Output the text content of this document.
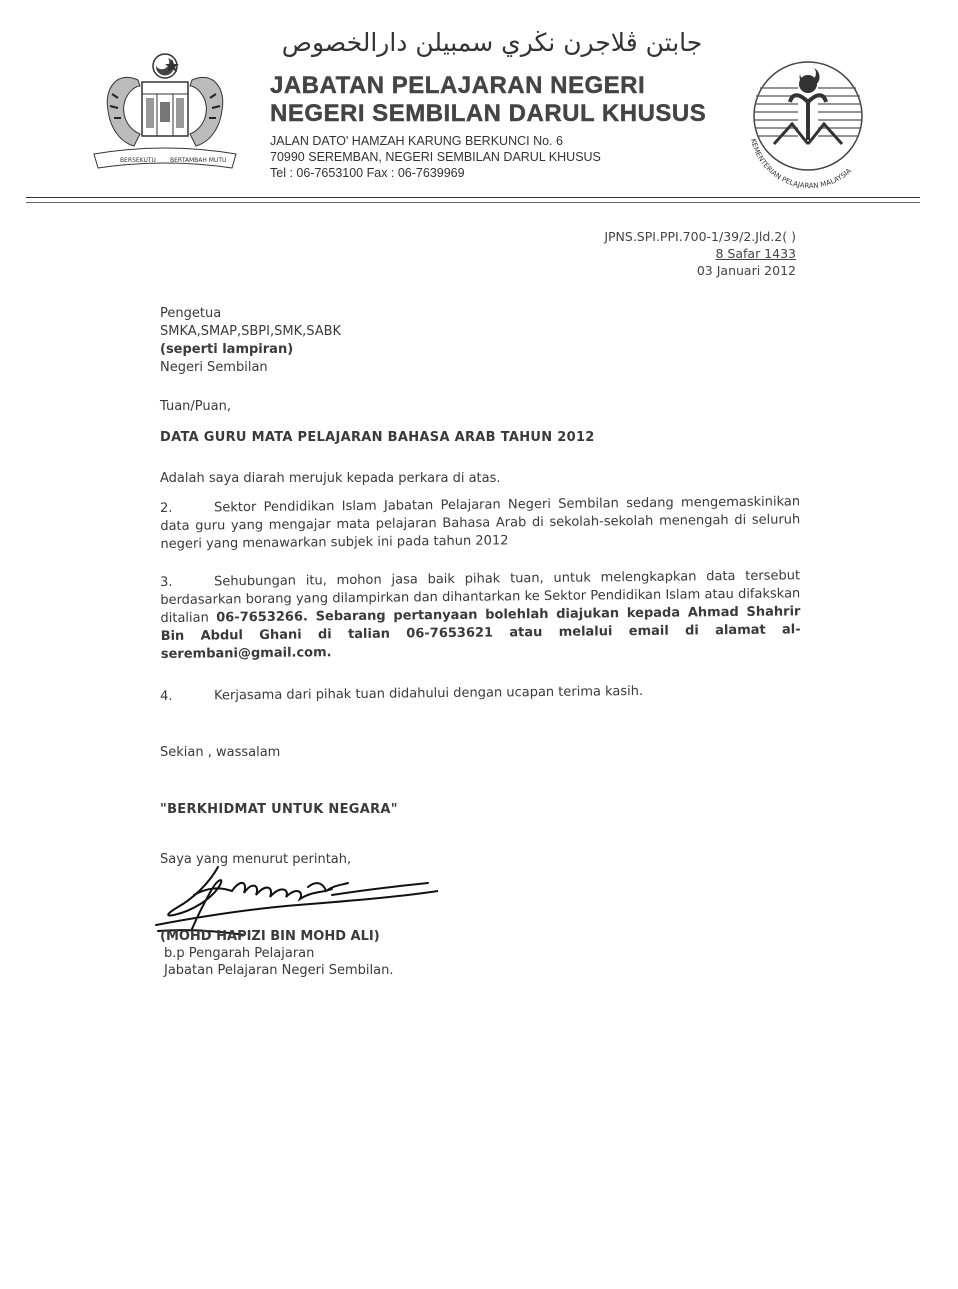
BERSEKUTU BERTAMBAH MUTU
جابتن ڤلاجرن نڬري سمبيلن دارالخصوص
JABATAN PELAJARAN NEGERI
NEGERI SEMBILAN DARUL KHUSUS
JALAN DATO' HAMZAH KARUNG BERKUNCI No. 6
70990 SEREMBAN, NEGERI SEMBILAN DARUL KHUSUS
Tel : 06-7653100 Fax : 06-7639969
KEMENTERIAN PELAJARAN MALAYSIA
JPNS.SPI.PPI.700-1/39/2.Jld.2( )
8 Safar 1433
03 Januari 2012
Pengetua
SMKA,SMAP,SBPI,SMK,SABK
(seperti lampiran)
Negeri Sembilan
Tuan/Puan,
DATA GURU MATA PELAJARAN BAHASA ARAB TAHUN 2012
Adalah saya diarah merujuk kepada perkara di atas.
2.	Sektor Pendidikan Islam Jabatan Pelajaran Negeri Sembilan sedang mengemaskinikan data guru yang mengajar mata pelajaran Bahasa Arab di sekolah-sekolah menengah di seluruh negeri yang menawarkan subjek ini pada tahun 2012
3.	Sehubungan itu, mohon jasa baik pihak tuan, untuk melengkapkan data tersebut berdasarkan borang yang dilampirkan dan dihantarkan ke Sektor Pendidikan Islam atau difakskan ditalian 06-7653266. Sebarang pertanyaan bolehlah diajukan kepada Ahmad Shahrir Bin Abdul Ghani di talian 06-7653621 atau melalui email di alamat al-serembani@gmail.com.
4.	Kerjasama dari pihak tuan didahului dengan ucapan terima kasih.
Sekian , wassalam
"BERKHIDMAT UNTUK NEGARA"
Saya yang menurut perintah,
(MOHD HAPIZI BIN MOHD ALI)
b.p Pengarah Pelajaran
Jabatan Pelajaran Negeri Sembilan.
